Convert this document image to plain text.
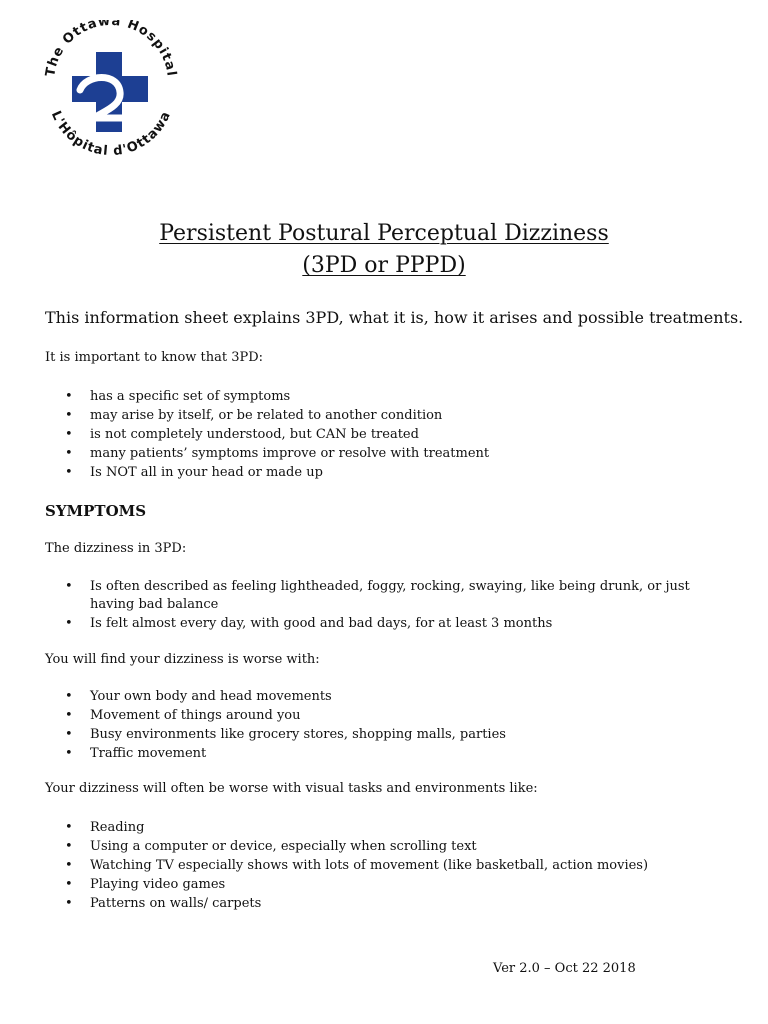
The Ottawa Hospital
L'Hôpital d'Ottawa
Persistent Postural Perceptual Dizziness
(3PD or PPPD)
This information sheet explains 3PD, what it is, how it arises and possible treatments.
It is important to know that 3PD:
• has a specific set of symptoms
• may arise by itself, or be related to another condition
• is not completely understood, but CAN be treated
• many patients’ symptoms improve or resolve with treatment
• Is NOT all in your head or made up
SYMPTOMS
The dizziness in 3PD:
• Is often described as feeling lightheaded, foggy, rocking, swaying, like being drunk, or just having bad balance
• Is felt almost every day, with good and bad days, for at least 3 months
You will find your dizziness is worse with:
• Your own body and head movements
• Movement of things around you
• Busy environments like grocery stores, shopping malls, parties
• Traffic movement
Your dizziness will often be worse with visual tasks and environments like:
• Reading
• Using a computer or device, especially when scrolling text
• Watching TV especially shows with lots of movement (like basketball, action movies)
• Playing video games
• Patterns on walls/ carpets
Ver 2.0 – Oct 22 2018
